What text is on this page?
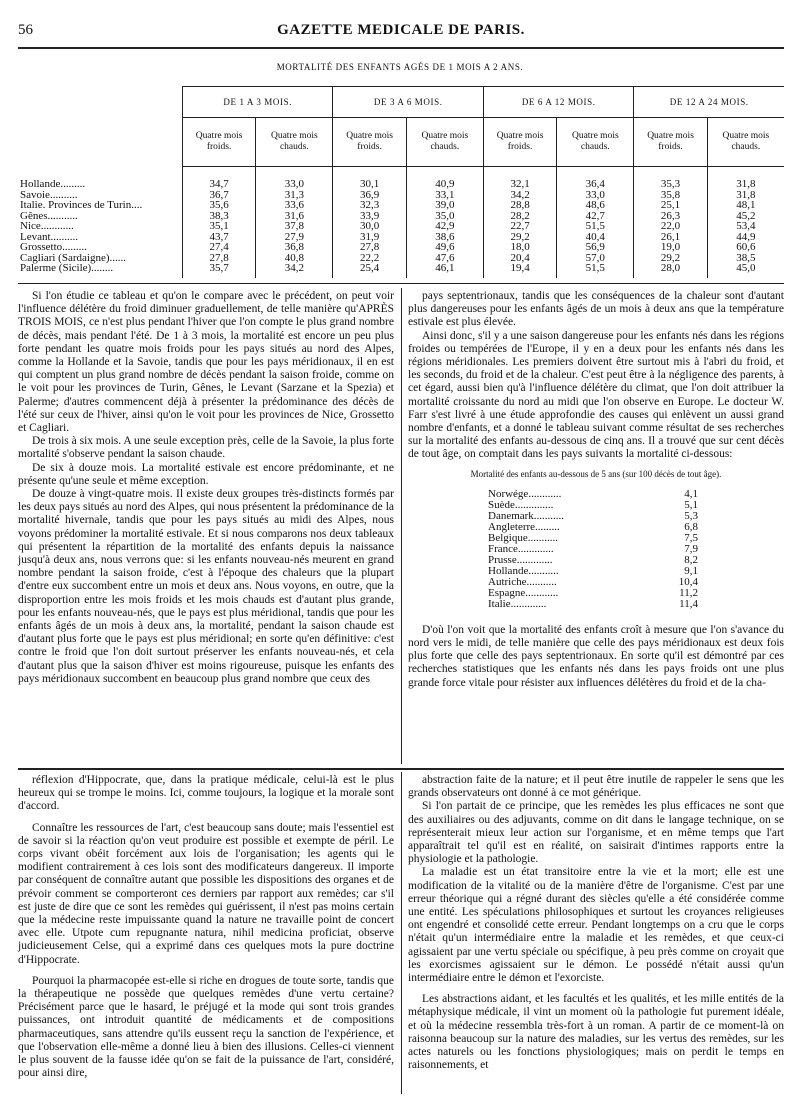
56	GAZETTE MEDICALE DE PARIS.
MORTALITÉ DES ENFANTS AGÉS DE 1 MOIS A 2 ANS.
	DE 1 A 3 MOIS.		DE 3 A 6 MOIS.		DE 6 A 12 MOIS.		DE 12 A 24 MOIS.	
	Quatre mois froids.	Quatre mois chauds.	Quatre mois froids.	Quatre mois chauds.	Quatre mois froids.	Quatre mois chauds.	Quatre mois froids.	Quatre mois chauds.
Hollande.........	34,7	33,0	30,1	40,9	32,1	36,4	35,3	31,8
Savoie..........	36,7	31,3	36,9	33,1	34,2	33,0	35,8	31,8
Italie. Provinces de Turin....	35,6	33,6	32,3	39,0	28,8	48,6	25,1	48,1
Gênes...........	38,3	31,6	33,9	35,0	28,2	42,7	26,3	45,2
Nice............	35,1	37,8	30,0	42,9	22,7	51,5	22,0	53,4
Levant..........	43,7	27,9	31,9	38,6	29,2	40,4	26,1	44,9
Grossetto.........	27,4	36,8	27,8	49,6	18,0	56,9	19,0	60,6
Cagliari (Sardaigne)......	27,8	40,8	22,2	47,6	20,4	57,0	29,2	38,5
Palerme (Sicile)........	35,7	34,2	25,4	46,1	19,4	51,5	28,0	45,0

Si l'on étudie ce tableau et qu'on le compare avec le précédent, on peut voir l'influence délétère du froid diminuer graduellement, de telle manière qu'APRÈS TROIS MOIS, ce n'est plus pendant l'hiver que l'on compte le plus grand nombre de décès, mais pendant l'été. De 1 à 3 mois, la mortalité est encore un peu plus forte pendant les quatre mois froids pour les pays situés au nord des Alpes, comme la Hollande et la Savoie, tandis que pour les pays méridionaux, il en est qui comptent un plus grand nombre de décès pendant la saison froide, comme on le voit pour les provinces de Turin, Gênes, le Levant (Sarzane et la Spezia) et Palerme; d'autres commencent déjà à présenter la prédominance des décès de l'été sur ceux de l'hiver, ainsi qu'on le voit pour les provinces de Nice, Grossetto et Cagliari.

De trois à six mois. A une seule exception près, celle de la Savoie, la plus forte mortalité s'observe pendant la saison chaude.

De six à douze mois. La mortalité estivale est encore prédominante, et ne présente qu'une seule et même exception.

De douze à vingt-quatre mois. Il existe deux groupes très-distincts formés par les deux pays situés au nord des Alpes, qui nous présentent la prédominance de la mortalité hivernale, tandis que pour les pays situés au midi des Alpes, nous voyons prédominer la mortalité estivale. Et si nous comparons nos deux tableaux qui présentent la répartition de la mortalité des enfants depuis la naissance jusqu'à deux ans, nous verrons que: si les enfants nouveau-nés meurent en grand nombre pendant la saison froide, c'est à l'époque des chaleurs que la plupart d'entre eux succombent entre un mois et deux ans. Nous voyons, en outre, que la disproportion entre les mois froids et les mois chauds est d'autant plus grande, pour les enfants nouveau-nés, que le pays est plus méridional, tandis que pour les enfants âgés de un mois à deux ans, la mortalité, pendant la saison chaude est d'autant plus forte que le pays est plus méridional; en sorte qu'en définitive: c'est contre le froid que l'on doit surtout préserver les enfants nouveau-nés, et cela d'autant plus que la saison d'hiver est moins rigoureuse, puisque les enfants des pays méridionaux succombent en beaucoup plus grand nombre que ceux des

pays septentrionaux, tandis que les conséquences de la chaleur sont d'autant plus dangereuses pour les enfants âgés de un mois à deux ans que la température estivale est plus élevée.

Ainsi donc, s'il y a une saison dangereuse pour les enfants nés dans les régions froides ou tempérées de l'Europe, il y en a deux pour les enfants nés dans les régions méridionales. Les premiers doivent être surtout mis à l'abri du froid, et les seconds, du froid et de la chaleur. C'est peut être à la négligence des parents, à cet égard, aussi bien qu'à l'influence délétère du climat, que l'on doit attribuer la mortalité croissante du nord au midi que l'on observe en Europe. Le docteur W. Farr s'est livré à une étude approfondie des causes qui enlèvent un aussi grand nombre d'enfants, et a donné le tableau suivant comme résultat de ses recherches sur la mortalité des enfants au-dessous de cinq ans. Il a trouvé que sur cent décès de tout âge, on comptait dans les pays suivants la mortalité ci-dessous:

Mortalité des enfants au-dessous de 5 ans (sur 100 décès de tout âge).
Norwége............	4,1
Suède..............	5,1
Danemark...........	5,3
Angleterre.........	6,8
Belgique...........	7,5
France.............	7,9
Prusse.............	8,2
Hollande...........	9,1
Autriche...........	10,4
Espagne............	11,2
Italie.............	11,4

D'où l'on voit que la mortalité des enfants croît à mesure que l'on s'avance du nord vers le midi, de telle manière que celle des pays méridionaux est deux fois plus forte que celle des pays septentrionaux. En sorte qu'il est démontré par ces recherches statistiques que les enfants nés dans les pays froids ont une plus grande force vitale pour résister aux influences délétères du froid et de la cha-

réflexion d'Hippocrate, que, dans la pratique médicale, celui-là est le plus heureux qui se trompe le moins. Ici, comme toujours, la logique et la morale sont d'accord.

Connaître les ressources de l'art, c'est beaucoup sans doute; mais l'essentiel est de savoir si la réaction qu'on veut produire est possible et exempte de péril. Le corps vivant obéit forcément aux lois de l'organisation; les agents qui le modifient contrairement à ces lois sont des modificateurs dangereux. Il importe par conséquent de connaître autant que possible les dispositions des organes et de prévoir comment se comporteront ces derniers par rapport aux remèdes; car s'il est juste de dire que ce sont les remèdes qui guérissent, il n'est pas moins certain que la médecine reste impuissante quand la nature ne travaille point de concert avec elle. Utpote cum repugnante natura, nihil medicina proficiat, observe judicieusement Celse, qui a exprimé dans ces quelques mots la pure doctrine d'Hippocrate.

Pourquoi la pharmacopée est-elle si riche en drogues de toute sorte, tandis que la thérapeutique ne possède que quelques remèdes d'une vertu certaine? Précisément parce que le hasard, le préjugé et la mode qui sont trois grandes puissances, ont introduit quantité de médicaments et de compositions pharmaceutiques, sans attendre qu'ils eussent reçu la sanction de l'expérience, et que l'observation elle-même a donné lieu à bien des illusions. Celles-ci viennent le plus souvent de la fausse idée qu'on se fait de la puissance de l'art, considéré, pour ainsi dire,

abstraction faite de la nature; et il peut être inutile de rappeler le sens que les grands observateurs ont donné à ce mot générique.

Si l'on partait de ce principe, que les remèdes les plus efficaces ne sont que des auxiliaires ou des adjuvants, comme on dit dans le langage technique, on se représenterait mieux leur action sur l'organisme, et en même temps que l'art apparaîtrait tel qu'il est en réalité, on saisirait d'intimes rapports entre la physiologie et la pathologie.

La maladie est un état transitoire entre la vie et la mort; elle est une modification de la vitalité ou de la manière d'être de l'organisme. C'est par une erreur théorique qui a régné durant des siècles qu'elle a été considérée comme une entité. Les spéculations philosophiques et surtout les croyances religieuses ont engendré et consolidé cette erreur. Pendant longtemps on a cru que le corps n'était qu'un intermédiaire entre la maladie et les remèdes, et que ceux-ci agissaient par une vertu spéciale ou spécifique, à peu près comme on croyait que les exorcismes agissaient sur le démon. Le possédé n'était aussi qu'un intermédiaire entre le démon et l'exorciste.

Les abstractions aidant, et les facultés et les qualités, et les mille entités de la métaphysique médicale, il vint un moment où la pathologie fut purement idéale, et où la médecine ressembla très-fort à un roman. A partir de ce moment-là on raisonna beaucoup sur la nature des maladies, sur les vertus des remèdes, sur les actes naturels ou les fonctions physiologiques; mais on perdit le temps en raisonnements, et
